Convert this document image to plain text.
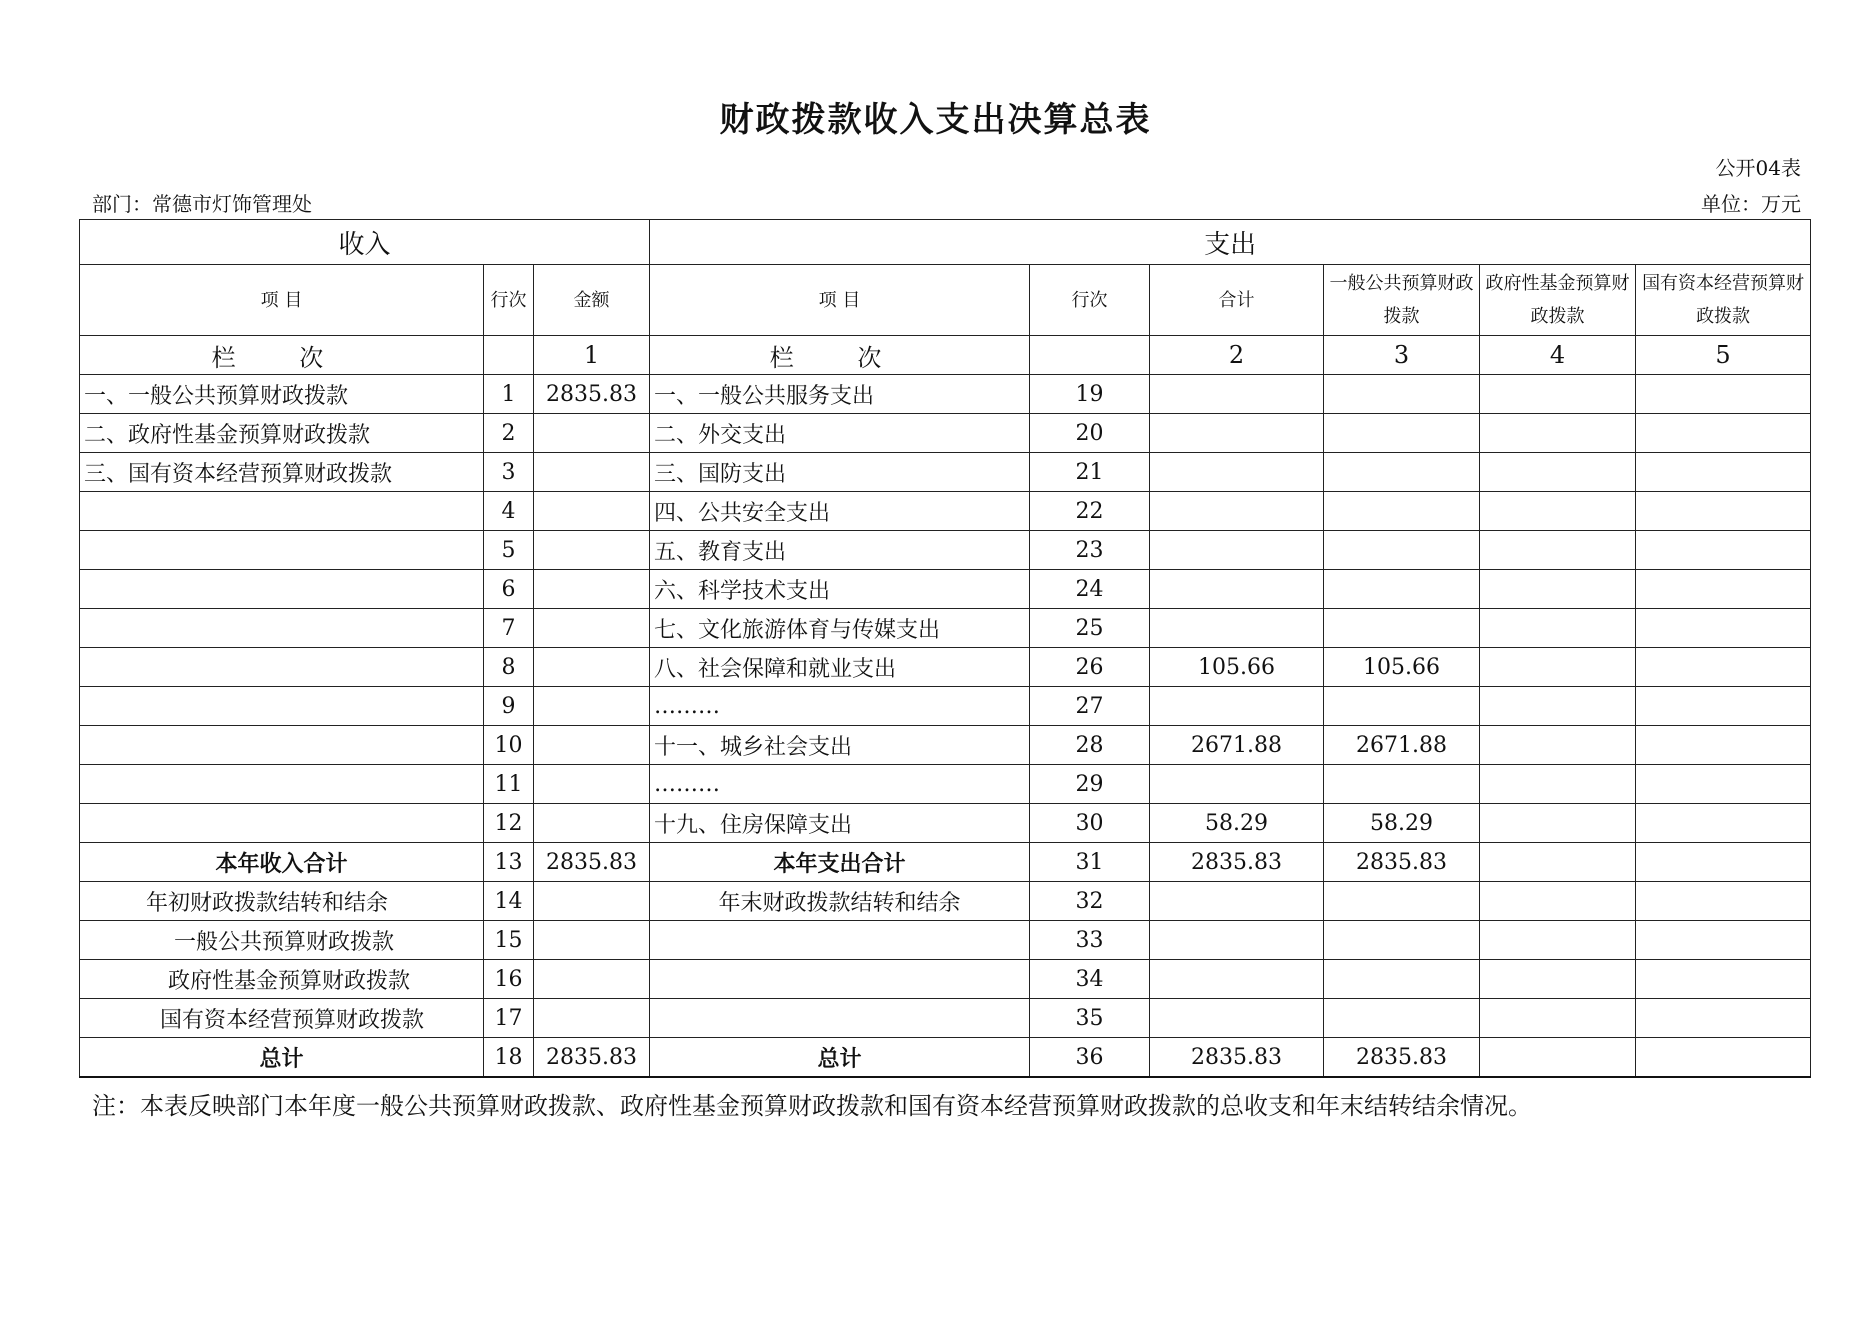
财政拨款收入支出决算总表
公开04表
部门：常德市灯饰管理处	单位：万元
收入			支出					
项 目	行次	金额	项 目	行次	合计	一般公共预算财政拨款	政府性基金预算财政拨款	国有资本经营预算财政拨款
栏 次		1	栏 次		2	3	4	5
一、一般公共预算财政拨款	1	2835.83	一、一般公共服务支出	19				
二、政府性基金预算财政拨款	2		二、外交支出	20				
三、国有资本经营预算财政拨款	3		三、国防支出	21				
	4		四、公共安全支出	22				
	5		五、教育支出	23				
	6		六、科学技术支出	24				
	7		七、文化旅游体育与传媒支出	25				
	8		八、社会保障和就业支出	26	105.66	105.66		
	9		………	27				
	10		十一、城乡社会支出	28	2671.88	2671.88		
	11		………	29				
	12		十九、住房保障支出	30	58.29	58.29		
本年收入合计	13	2835.83	本年支出合计	31	2835.83	2835.83		
年初财政拨款结转和结余	14		年末财政拨款结转和结余	32				
一般公共预算财政拨款	15			33				
政府性基金预算财政拨款	16			34				
国有资本经营预算财政拨款	17			35				
总计	18	2835.83	总计	36	2835.83	2835.83		
注：本表反映部门本年度一般公共预算财政拨款、政府性基金预算财政拨款和国有资本经营预算财政拨款的总收支和年末结转结余情况。
